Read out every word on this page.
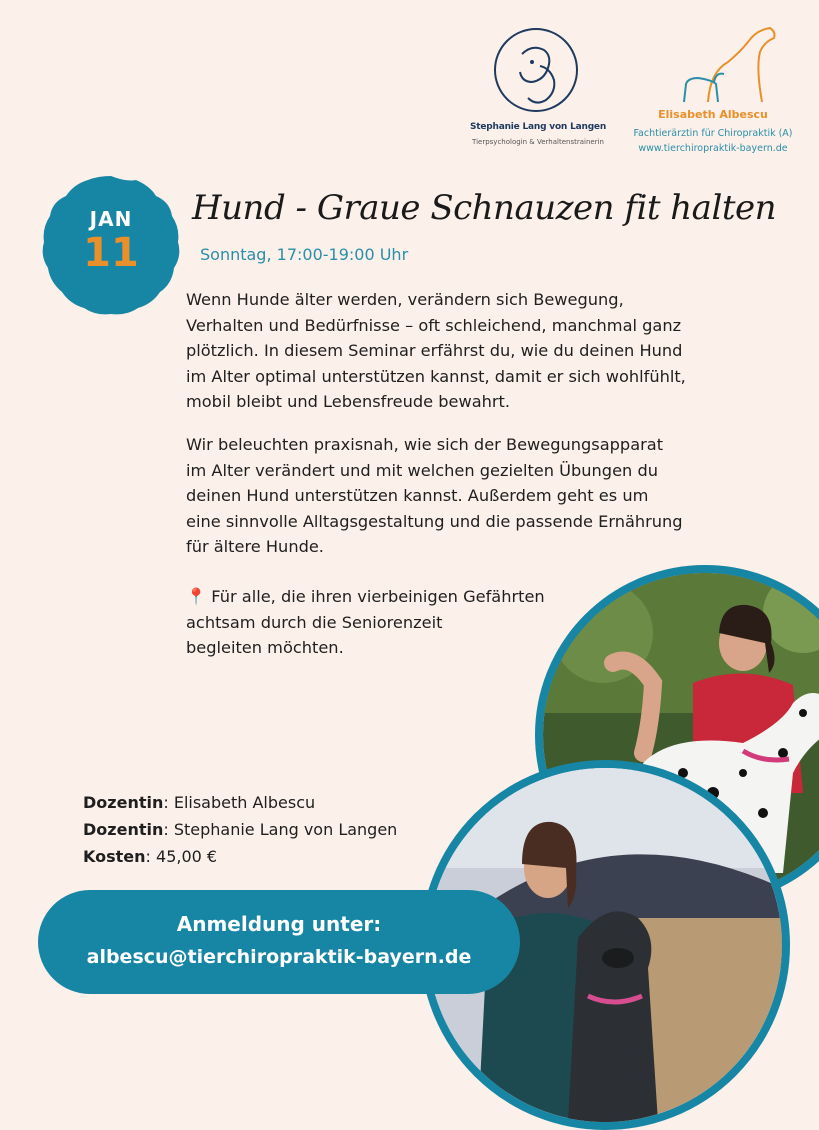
Stephanie Lang von Langen
Tierpsychologin & Verhaltenstrainerin
Elisabeth Albescu
Fachtierärztin für Chiropraktik (A)
www.tierchiropraktik-bayern.de
JAN
11
Hund - Graue Schnauzen fit halten
Sonntag, 17:00-19:00 Uhr
Wenn Hunde älter werden, verändern sich Bewegung,
Verhalten und Bedürfnisse – oft schleichend, manchmal ganz
plötzlich. In diesem Seminar erfährst du, wie du deinen Hund
im Alter optimal unterstützen kannst, damit er sich wohlfühlt,
mobil bleibt und Lebensfreude bewahrt.
Wir beleuchten praxisnah, wie sich der Bewegungsapparat
im Alter verändert und mit welchen gezielten Übungen du
deinen Hund unterstützen kannst. Außerdem geht es um
eine sinnvolle Alltagsgestaltung und die passende Ernährung
für ältere Hunde.
📍 Für alle, die ihren vierbeinigen Gefährten
achtsam durch die Seniorenzeit
begleiten möchten.
Dozentin: Elisabeth Albescu
Dozentin: Stephanie Lang von Langen
Kosten: 45,00 €
Anmeldung unter:
albescu@tierchiropraktik-bayern.de
